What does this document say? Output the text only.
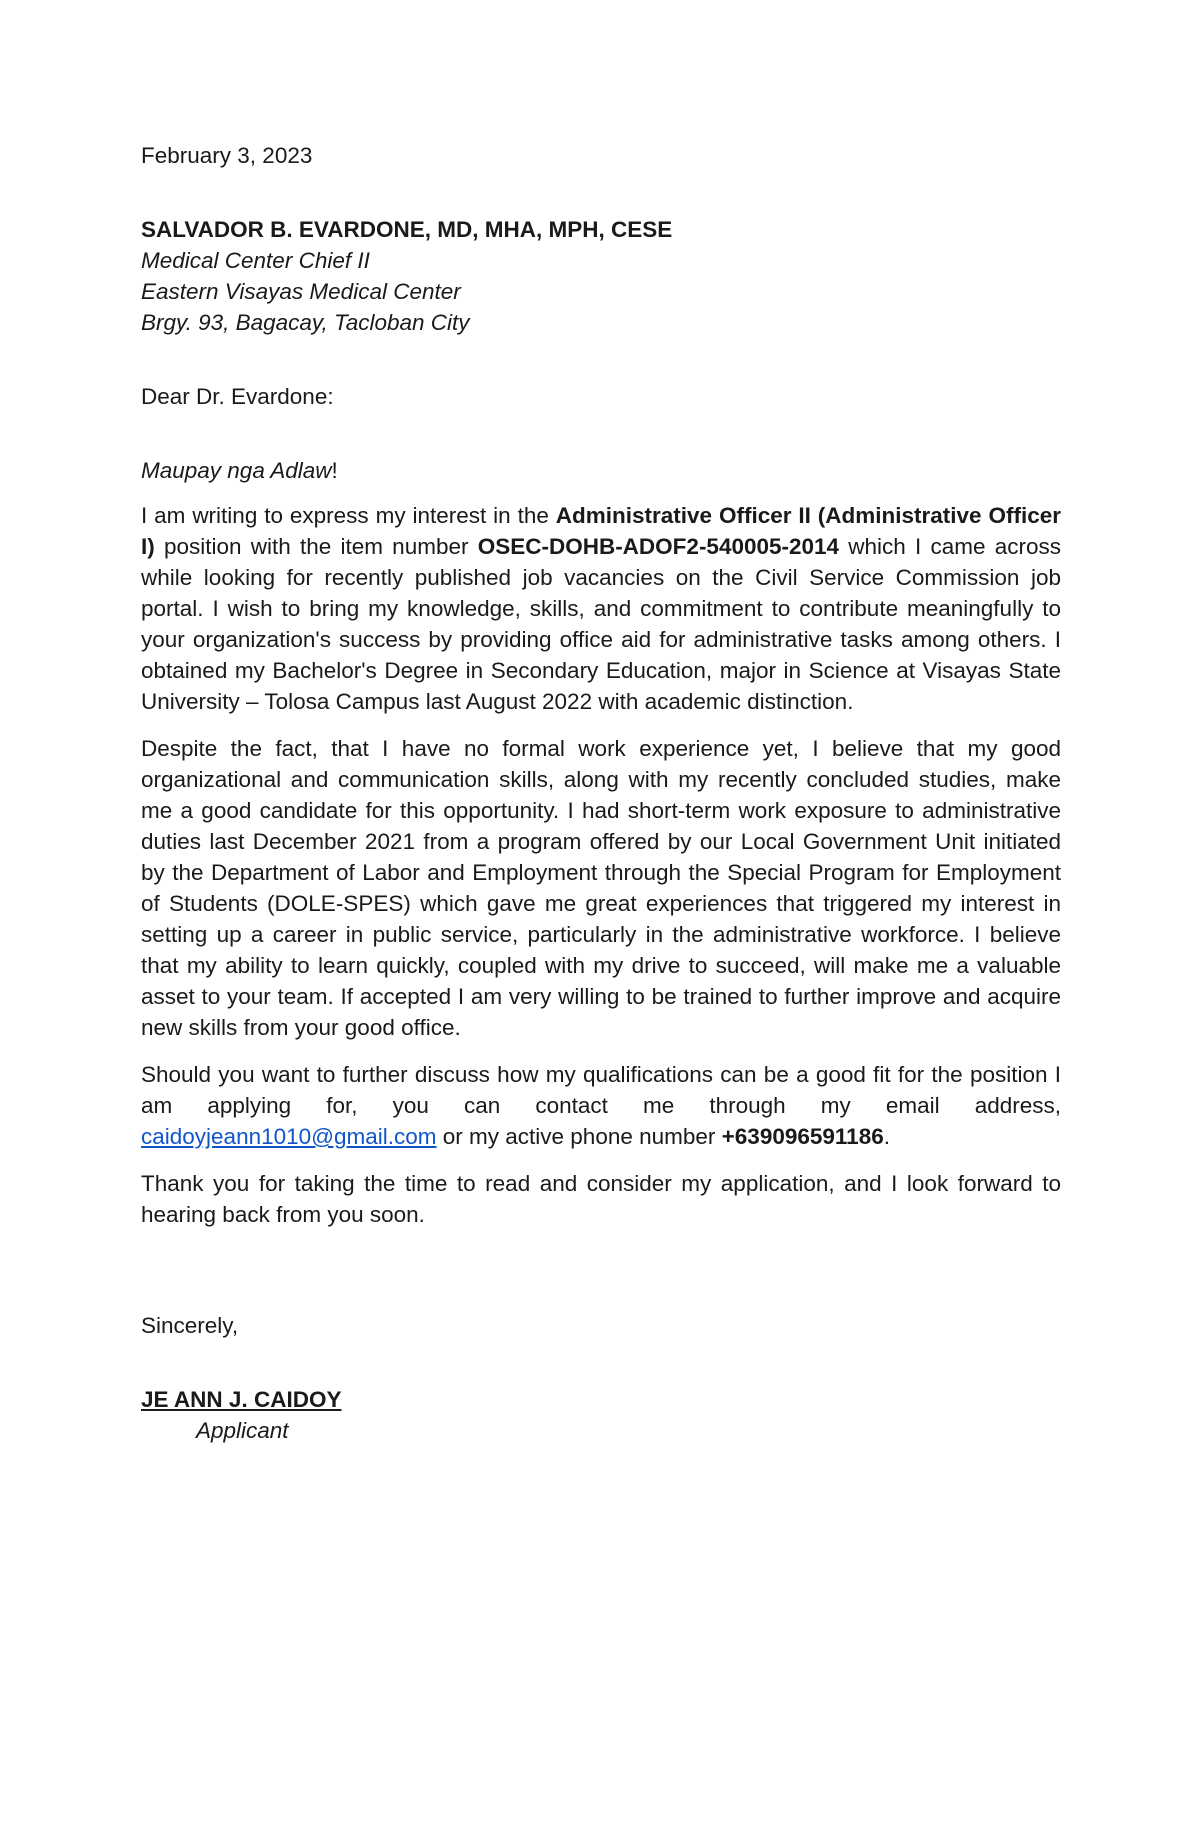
February 3, 2023
SALVADOR B. EVARDONE, MD, MHA, MPH, CESE
Medical Center Chief II
Eastern Visayas Medical Center
Brgy. 93, Bagacay, Tacloban City
Dear Dr. Evardone:
Maupay nga Adlaw!

I am writing to express my interest in the Administrative Officer II (Administrative Officer I) position with the item number OSEC-DOHB-ADOF2-540005-2014 which I came across while looking for recently published job vacancies on the Civil Service Commission job portal. I wish to bring my knowledge, skills, and commitment to contribute meaningfully to your organization's success by providing office aid for administrative tasks among others. I obtained my Bachelor's Degree in Secondary Education, major in Science at Visayas State University – Tolosa Campus last August 2022 with academic distinction.

Despite the fact, that I have no formal work experience yet, I believe that my good organizational and communication skills, along with my recently concluded studies, make me a good candidate for this opportunity. I had short-term work exposure to administrative duties last December 2021 from a program offered by our Local Government Unit initiated by the Department of Labor and Employment through the Special Program for Employment of Students (DOLE-SPES) which gave me great experiences that triggered my interest in setting up a career in public service, particularly in the administrative workforce. I believe that my ability to learn quickly, coupled with my drive to succeed, will make me a valuable asset to your team. If accepted I am very willing to be trained to further improve and acquire new skills from your good office.

Should you want to further discuss how my qualifications can be a good fit for the position I am applying for, you can contact me through my email address, caidoyjeann1010@gmail.com or my active phone number +639096591186.

Thank you for taking the time to read and consider my application, and I look forward to hearing back from you soon.

Sincerely,
JE ANN J. CAIDOY
Applicant
